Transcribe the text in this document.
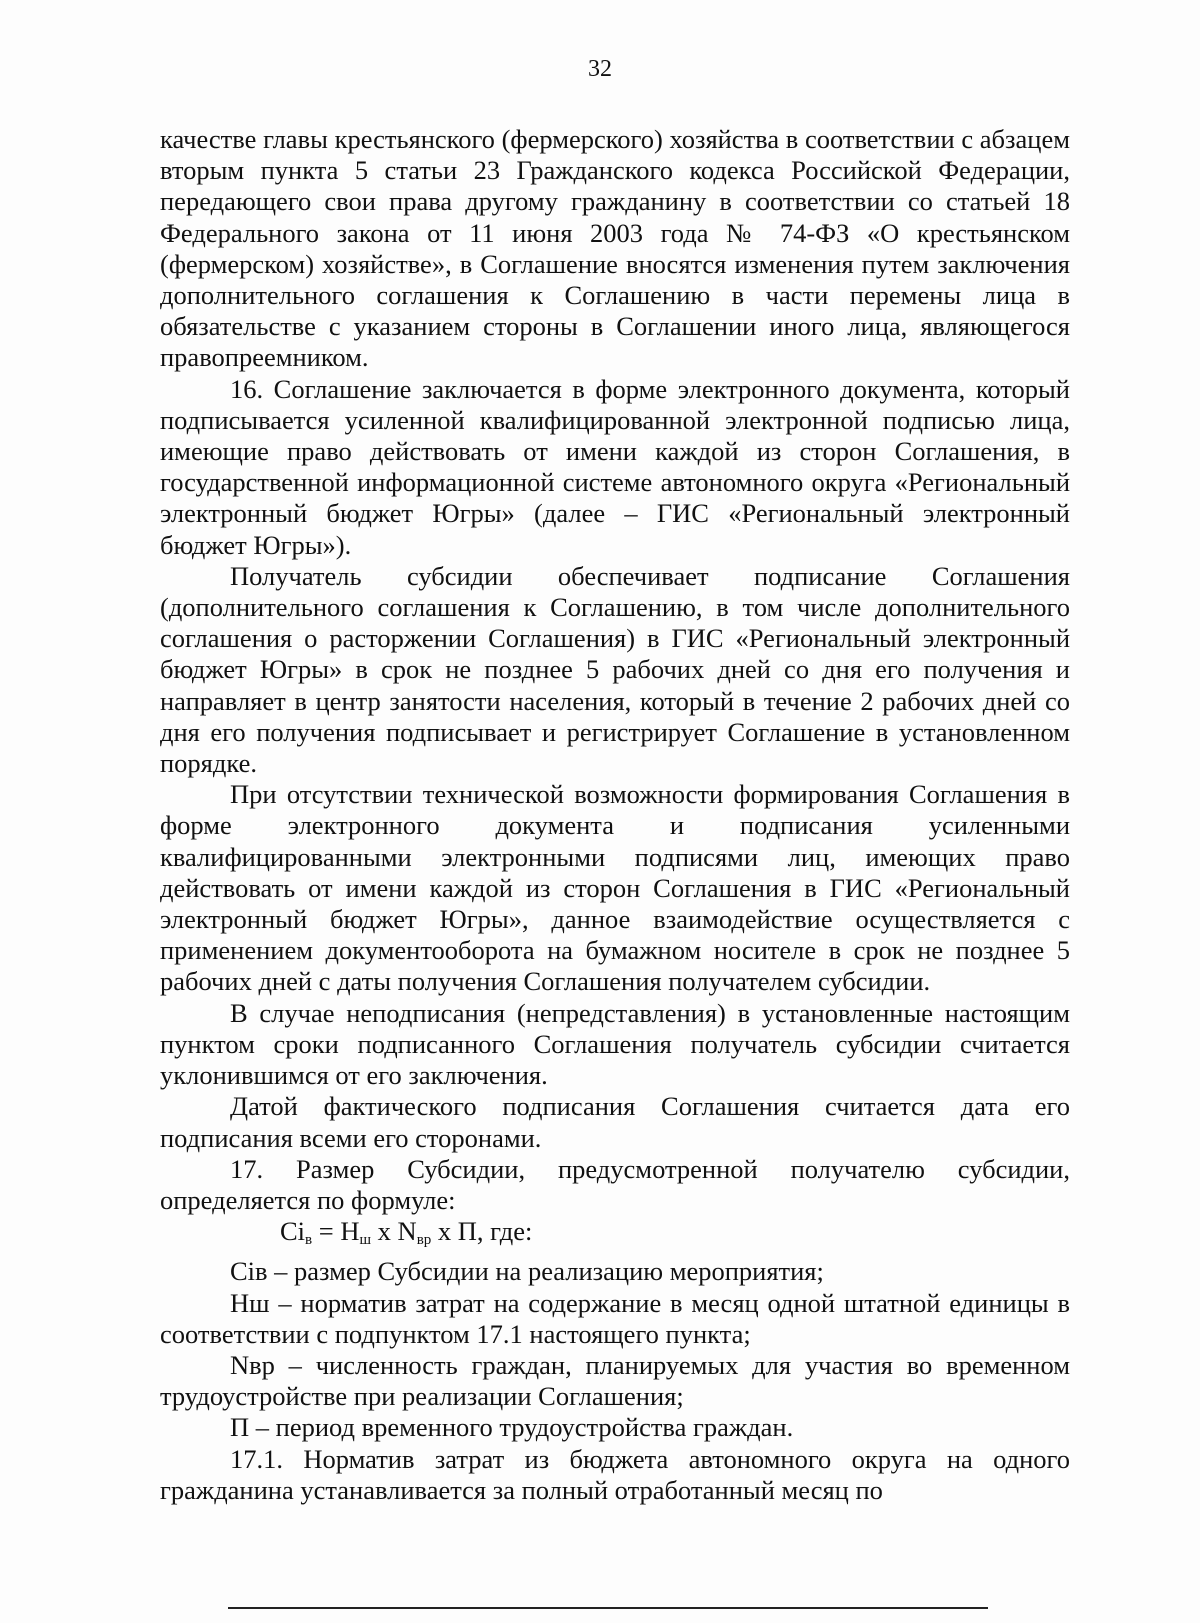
32

качестве главы крестьянского (фермерского) хозяйства в соответствии с абзацем вторым пункта 5 статьи 23 Гражданского кодекса Российской Федерации, передающего свои права другому гражданину в соответствии со статьей 18 Федерального закона от 11 июня 2003 года № 74-ФЗ «О крестьянском (фермерском) хозяйстве», в Соглашение вносятся изменения путем заключения дополнительного соглашения к Соглашению в части перемены лица в обязательстве с указанием стороны в Соглашении иного лица, являющегося правопреемником.

16. Соглашение заключается в форме электронного документа, который подписывается усиленной квалифицированной электронной подписью лица, имеющие право действовать от имени каждой из сторон Соглашения, в государственной информационной системе автономного округа «Региональный электронный бюджет Югры» (далее – ГИС «Региональный электронный бюджет Югры»).

Получатель субсидии обеспечивает подписание Соглашения (дополнительного соглашения к Соглашению, в том числе дополнительного соглашения о расторжении Соглашения) в ГИС «Региональный электронный бюджет Югры» в срок не позднее 5 рабочих дней со дня его получения и направляет в центр занятости населения, который в течение 2 рабочих дней со дня его получения подписывает и регистрирует Соглашение в установленном порядке.

При отсутствии технической возможности формирования Соглашения в форме электронного документа и подписания усиленными квалифицированными электронными подписями лиц, имеющих право действовать от имени каждой из сторон Соглашения в ГИС «Региональный электронный бюджет Югры», данное взаимодействие осуществляется с применением документооборота на бумажном носителе в срок не позднее 5 рабочих дней с даты получения Соглашения получателем субсидии.

В случае неподписания (непредставления) в установленные настоящим пунктом сроки подписанного Соглашения получатель субсидии считается уклонившимся от его заключения.

Датой фактического подписания Соглашения считается дата его подписания всеми его сторонами.

17. Размер Субсидии, предусмотренной получателю субсидии, определяется по формуле:

$Ci_в = Н_ш$ x $N_{вр}$ x П, где:

Ciв – размер Субсидии на реализацию мероприятия;

Нш – норматив затрат на содержание в месяц одной штатной единицы в соответствии с подпунктом 17.1 настоящего пункта;

Nвр – численность граждан, планируемых для участия во временном трудоустройстве при реализации Соглашения;

П – период временного трудоустройства граждан.

17.1. Норматив затрат из бюджета автономного округа на одного гражданина устанавливается за полный отработанный месяц по
